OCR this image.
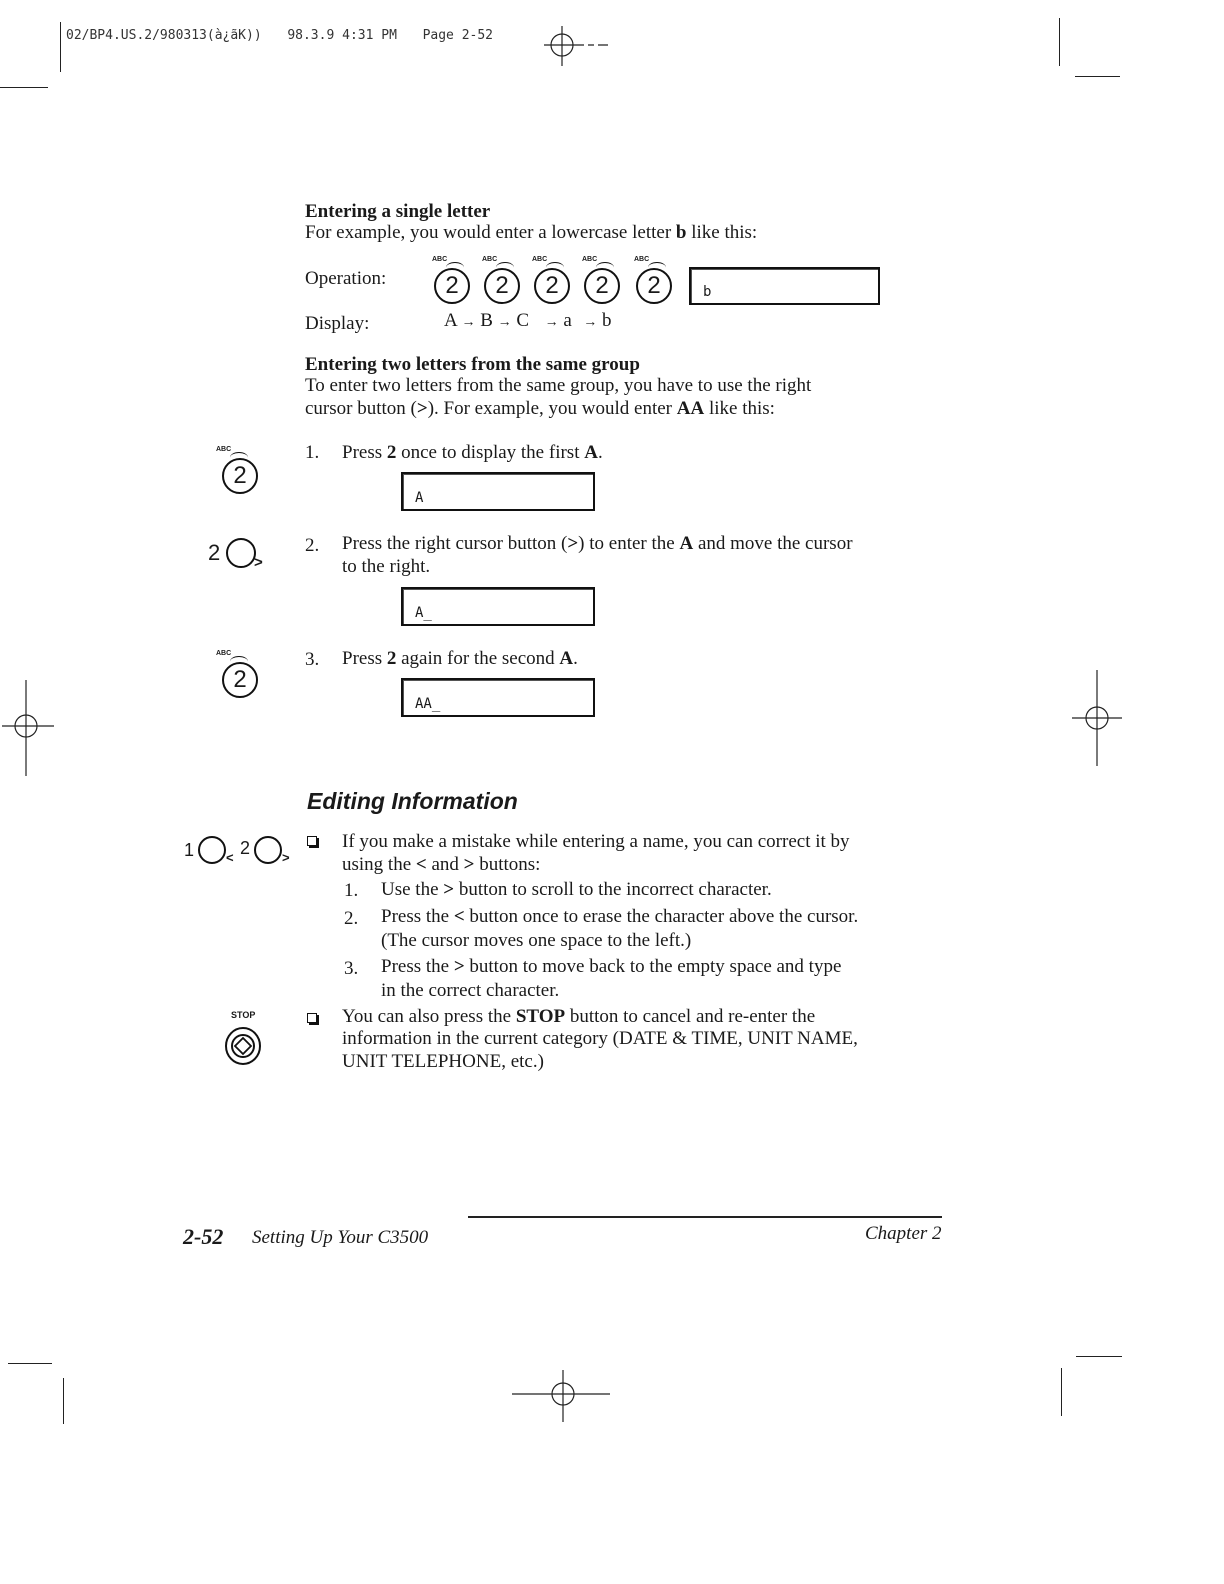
02/BP4.US.2/980313(à¿ãK)) 98.3.9 4:31 PM Page 2-52
Entering a single letter
For example, you would enter a lowercase letter b like this:
Operation:
ABC
2
ABC
2
ABC
2
ABC
2
ABC
2	b
Display:	A → B → C → a → b
Entering two letters from the same group
To enter two letters from the same group, you have to use the right
cursor button (>). For example, you would enter AA like this:
ABC
2
1. Press 2 once to display the first A.
A
2 >
2. Press the right cursor button (>) to enter the A and move the cursor
to the right.
A_
ABC
2
3. Press 2 again for the second A.
AA_
Editing Information
1 < 2 >
If you make a mistake while entering a name, you can correct it by
using the < and > buttons:
1. Use the > button to scroll to the incorrect character.
2. Press the < button once to erase the character above the cursor.
(The cursor moves one space to the left.)
3. Press the > button to move back to the empty space and type
in the correct character.
STOP	You can also press the STOP button to cancel and re-enter the
information in the current category (DATE & TIME, UNIT NAME,
UNIT TELEPHONE, etc.)
2-52 Setting Up Your C3500	Chapter 2
